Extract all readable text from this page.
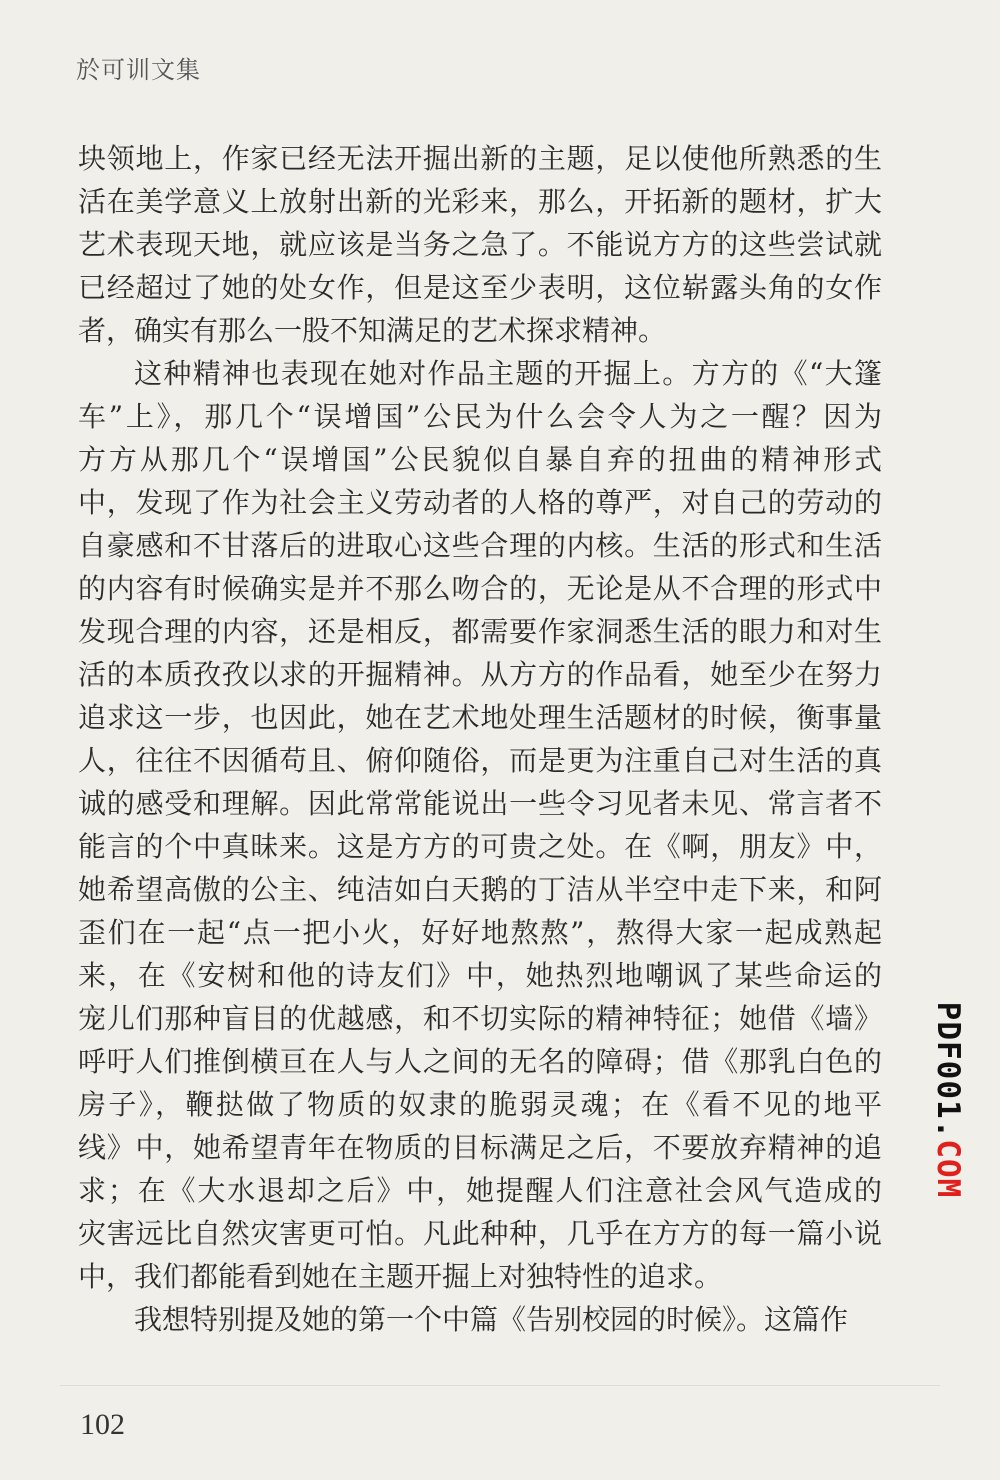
於可训文集
块领地上，作家已经无法开掘出新的主题，足以使他所熟悉的生
活在美学意义上放射出新的光彩来，那么，开拓新的题材，扩大
艺术表现天地，就应该是当务之急了。不能说方方的这些尝试就
已经超过了她的处女作，但是这至少表明，这位崭露头角的女作
者，确实有那么一股不知满足的艺术探求精神。
这种精神也表现在她对作品主题的开掘上。方方的《“大篷
车”上》，那几个“误增国”公民为什么会令人为之一醒？因为
方方从那几个“误增国”公民貌似自暴自弃的扭曲的精神形式
中，发现了作为社会主义劳动者的人格的尊严，对自己的劳动的
自豪感和不甘落后的进取心这些合理的内核。生活的形式和生活
的内容有时候确实是并不那么吻合的，无论是从不合理的形式中
发现合理的内容，还是相反，都需要作家洞悉生活的眼力和对生
活的本质孜孜以求的开掘精神。从方方的作品看，她至少在努力
追求这一步，也因此，她在艺术地处理生活题材的时候，衡事量
人，往往不因循苟且、俯仰随俗，而是更为注重自己对生活的真
诚的感受和理解。因此常常能说出一些令习见者未见、常言者不
能言的个中真昧来。这是方方的可贵之处。在《啊，朋友》中，
她希望高傲的公主、纯洁如白天鹅的丁洁从半空中走下来，和阿
歪们在一起“点一把小火，好好地熬熬”，熬得大家一起成熟起
来，在《安树和他的诗友们》中，她热烈地嘲讽了某些命运的
宠儿们那种盲目的优越感，和不切实际的精神特征；她借《墙》
呼吁人们推倒横亘在人与人之间的无名的障碍；借《那乳白色的
房子》，鞭挞做了物质的奴隶的脆弱灵魂；在《看不见的地平
线》中，她希望青年在物质的目标满足之后，不要放弃精神的追
求；在《大水退却之后》中，她提醒人们注意社会风气造成的
灾害远比自然灾害更可怕。凡此种种，几乎在方方的每一篇小说
中，我们都能看到她在主题开掘上对独特性的追求。
我想特别提及她的第一个中篇《告别校园的时候》。这篇作
102
PDF001.COM
